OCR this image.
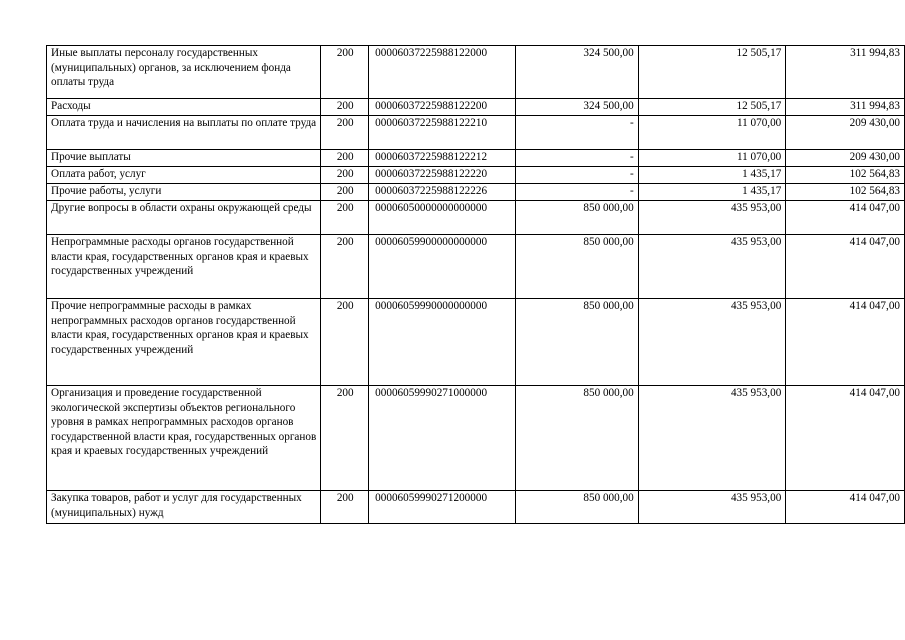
Иные выплаты персоналу государственных (муниципальных) органов, за исключением фонда оплаты труда	200	00006037225988122000	324 500,00	12 505,17	311 994,83
Расходы	200	00006037225988122200	324 500,00	12 505,17	311 994,83
Оплата труда и начисления на выплаты по оплате труда	200	00006037225988122210	-	11 070,00	209 430,00
Прочие выплаты	200	00006037225988122212	-	11 070,00	209 430,00
Оплата работ, услуг	200	00006037225988122220	-	1 435,17	102 564,83
Прочие работы, услуги	200	00006037225988122226	-	1 435,17	102 564,83
Другие вопросы в области охраны окружающей среды	200	00006050000000000000	850 000,00	435 953,00	414 047,00
Непрограммные расходы органов государственной власти края, государственных органов края и краевых государственных учреждений	200	00006059900000000000	850 000,00	435 953,00	414 047,00
Прочие непрограммные расходы в рамках непрограммных расходов органов государственной власти края, государственных органов края и краевых государственных учреждений	200	00006059990000000000	850 000,00	435 953,00	414 047,00
Организация и проведение государственной экологической экспертизы объектов регионального уровня в рамках непрограммных расходов органов государственной власти края, государственных органов края и краевых государственных учреждений	200	00006059990271000000	850 000,00	435 953,00	414 047,00
Закупка товаров, работ и услуг для государственных (муниципальных) нужд	200	00006059990271200000	850 000,00	435 953,00	414 047,00
